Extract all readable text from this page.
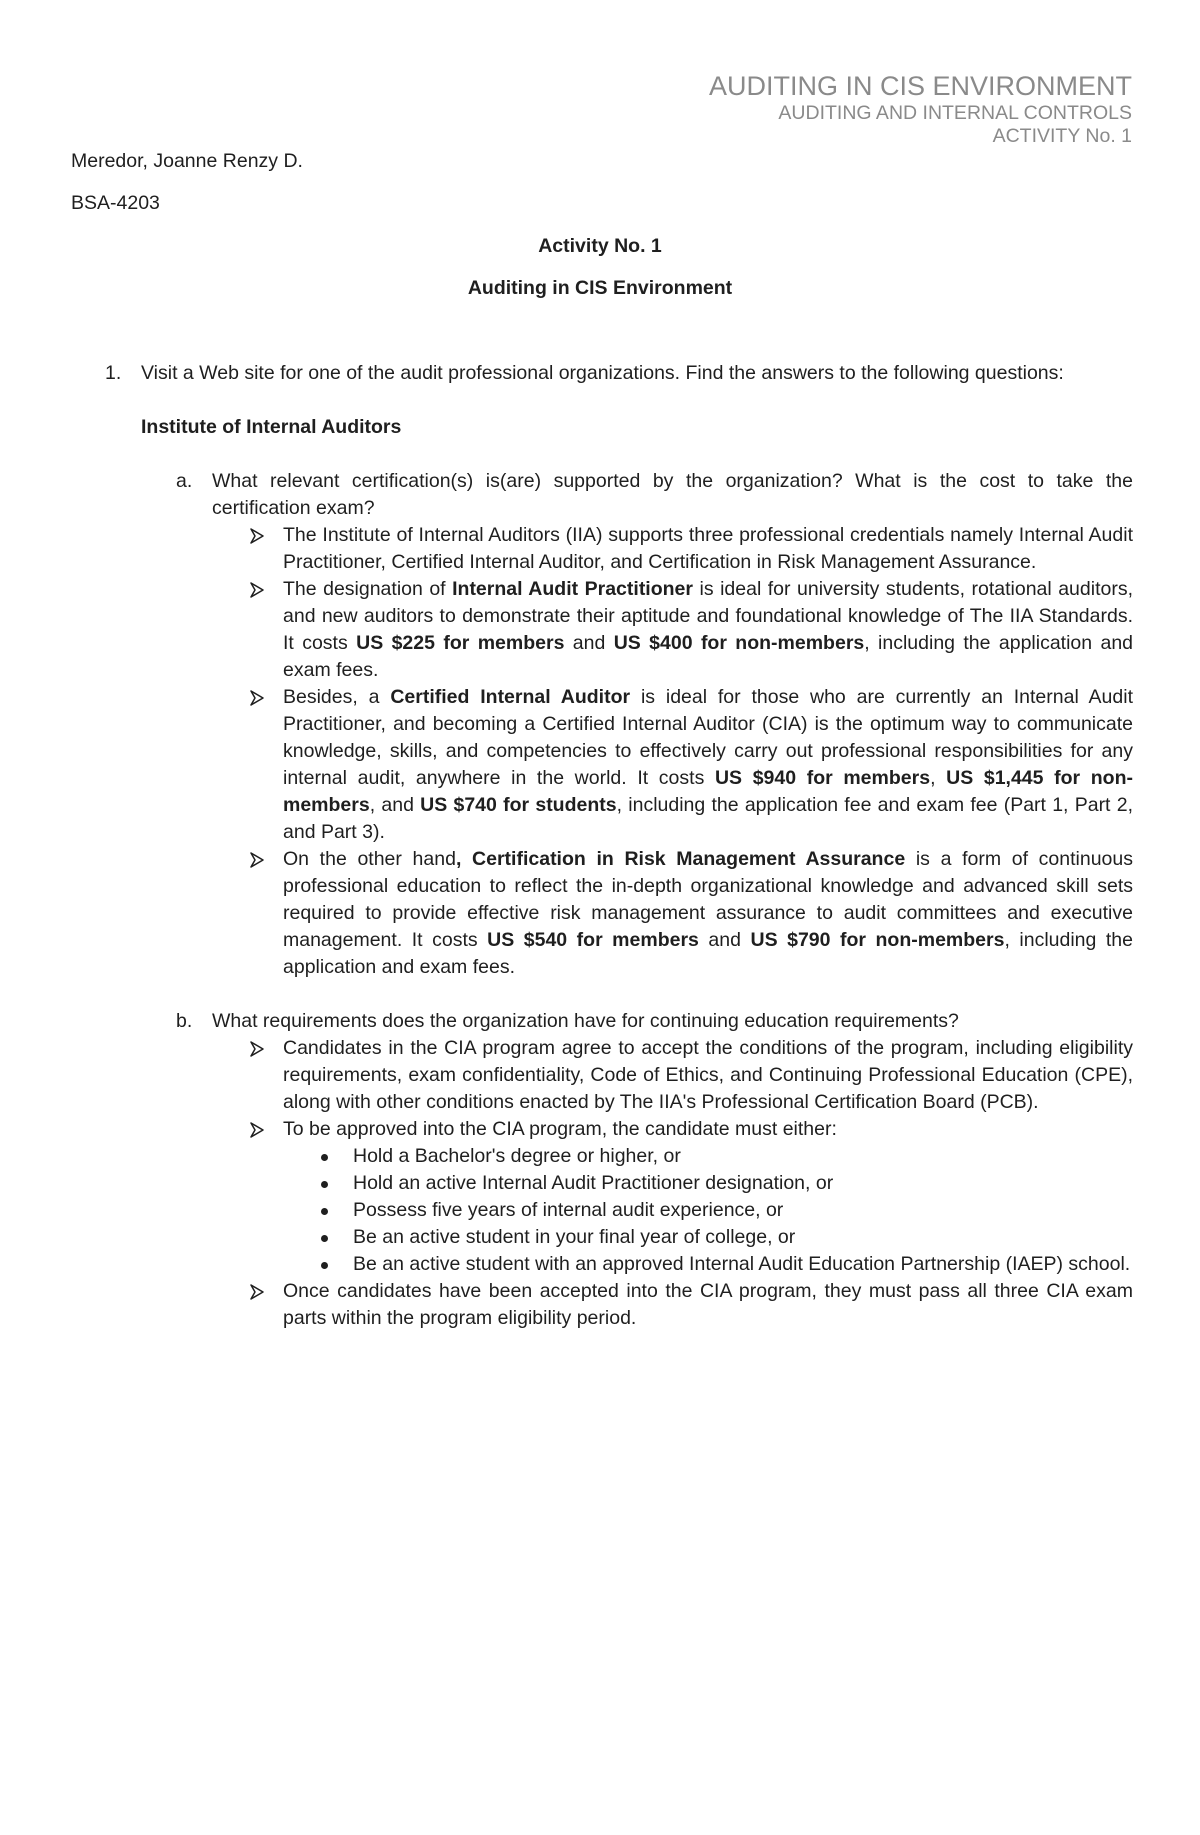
AUDITING IN CIS ENVIRONMENT
AUDITING AND INTERNAL CONTROLS
ACTIVITY No. 1
Meredor, Joanne Renzy D.
BSA-4203
Activity No. 1
Auditing in CIS Environment
1. Visit a Web site for one of the audit professional organizations. Find the answers to the following questions:
Institute of Internal Auditors
a. What relevant certification(s) is(are) supported by the organization? What is the cost to take the certification exam?
The Institute of Internal Auditors (IIA) supports three professional credentials namely Internal Audit Practitioner, Certified Internal Auditor, and Certification in Risk Management Assurance.
The designation of Internal Audit Practitioner is ideal for university students, rotational auditors, and new auditors to demonstrate their aptitude and foundational knowledge of The IIA Standards. It costs US $225 for members and US $400 for non-members, including the application and exam fees.
Besides, a Certified Internal Auditor is ideal for those who are currently an Internal Audit Practitioner, and becoming a Certified Internal Auditor (CIA) is the optimum way to communicate knowledge, skills, and competencies to effectively carry out professional responsibilities for any internal audit, anywhere in the world. It costs US $940 for members, US $1,445 for non-members, and US $740 for students, including the application fee and exam fee (Part 1, Part 2, and Part 3).
On the other hand, Certification in Risk Management Assurance is a form of continuous professional education to reflect the in-depth organizational knowledge and advanced skill sets required to provide effective risk management assurance to audit committees and executive management. It costs US $540 for members and US $790 for non-members, including the application and exam fees.
b. What requirements does the organization have for continuing education requirements?
Candidates in the CIA program agree to accept the conditions of the program, including eligibility requirements, exam confidentiality, Code of Ethics, and Continuing Professional Education (CPE), along with other conditions enacted by The IIA's Professional Certification Board (PCB).
To be approved into the CIA program, the candidate must either:
Hold a Bachelor's degree or higher, or
Hold an active Internal Audit Practitioner designation, or
Possess five years of internal audit experience, or
Be an active student in your final year of college, or
Be an active student with an approved Internal Audit Education Partnership (IAEP) school.
Once candidates have been accepted into the CIA program, they must pass all three CIA exam parts within the program eligibility period.
